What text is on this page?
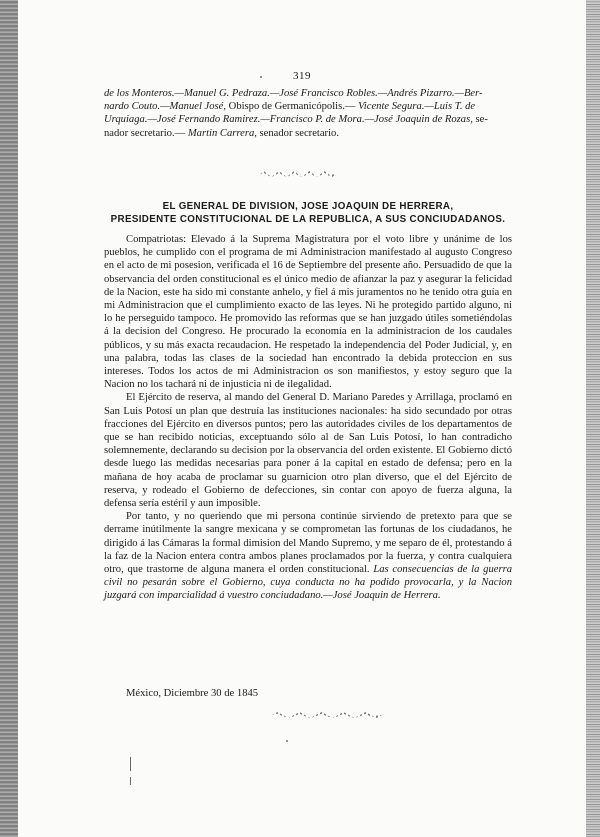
319

de los Monteros.—Manuel G. Pedraza.—José Francisco Robles.—Andrés Pizarro.—Ber-

nardo Couto.—Manuel José, Obispo de Germanicópolis.— Vicente Segura.—Luis T. de

Urquiaga.—José Fernando Ramirez.—Francisco P. de Mora.—José Joaquin de Rozas, se-

nador secretario.— Martin Carrera, senador secretario.

EL GENERAL DE DIVISION, JOSE JOAQUIN DE HERRERA,
PRESIDENTE CONSTITUCIONAL DE LA REPUBLICA, A SUS CONCIUDADANOS.

Compatriotas: Elevado á la Suprema Magistratura por el voto libre y unánime de los pueblos, he cumplido con el programa de mi Administracion manifestado al augusto Congreso en el acto de mi posesion, verificada el 16 de Septiembre del presente año. Persuadido de que la observancia del orden constitucional es el único medio de afianzar la paz y asegurar la felicidad de la Nacion, este ha sido mi constante anhelo, y fiel á mis juramentos no he tenido otra guía en mi Administracion que el cumplimiento exacto de las leyes. Ni he protegido partido alguno, ni lo he perseguido tampoco. He promovido las reformas que se han juzgado útiles sometiéndolas á la decision del Congreso. He procurado la economía en la administracion de los caudales públicos, y su más exacta recaudacion. He respetado la independencia del Poder Judicial, y, en una palabra, todas las clases de la sociedad han encontrado la debida proteccion en sus intereses. Todos los actos de mi Administracion os son manifiestos, y estoy seguro que la Nacion no los tachará ni de injusticia ni de ilegalidad.

El Ejército de reserva, al mando del General D. Mariano Paredes y Arrillaga, proclamó en San Luis Potosí un plan que destruía las instituciones nacionales: ha sido secundado por otras fracciones del Ejército en diversos puntos; pero las autoridades civiles de los departamentos de que se han recibido noticias, exceptuando sólo al de San Luis Potosí, lo han contradicho solemnemente, declarando su decision por la observancia del orden existente. El Gobierno dictó desde luego las medidas necesarias para poner á la capital en estado de defensa; pero en la mañana de hoy acaba de proclamar su guarnicion otro plan diverso, que el del Ejército de reserva, y rodeado el Gobierno de defecciones, sin contar con apoyo de fuerza alguna, la defensa sería estéril y aun imposible.

Por tanto, y no queriendo que mi persona continúe sirviendo de pretexto para que se derrame inútilmente la sangre mexicana y se comprometan las fortunas de los ciudadanos, he dirigido á las Cámaras la formal dimision del Mando Supremo, y me separo de él, protestando á la faz de la Nacion entera contra ambos planes proclamados por la fuerza, y contra cualquiera otro, que trastorne de alguna manera el orden constitucional. Las consecuencias de la guerra civil no pesarán sobre el Gobierno, cuya conducta no ha podido provocarla, y la Nacion juzgará con imparcialidad á vuestro conciudadano.—José Joaquin de Herrera.

México, Diciembre 30 de 1845
